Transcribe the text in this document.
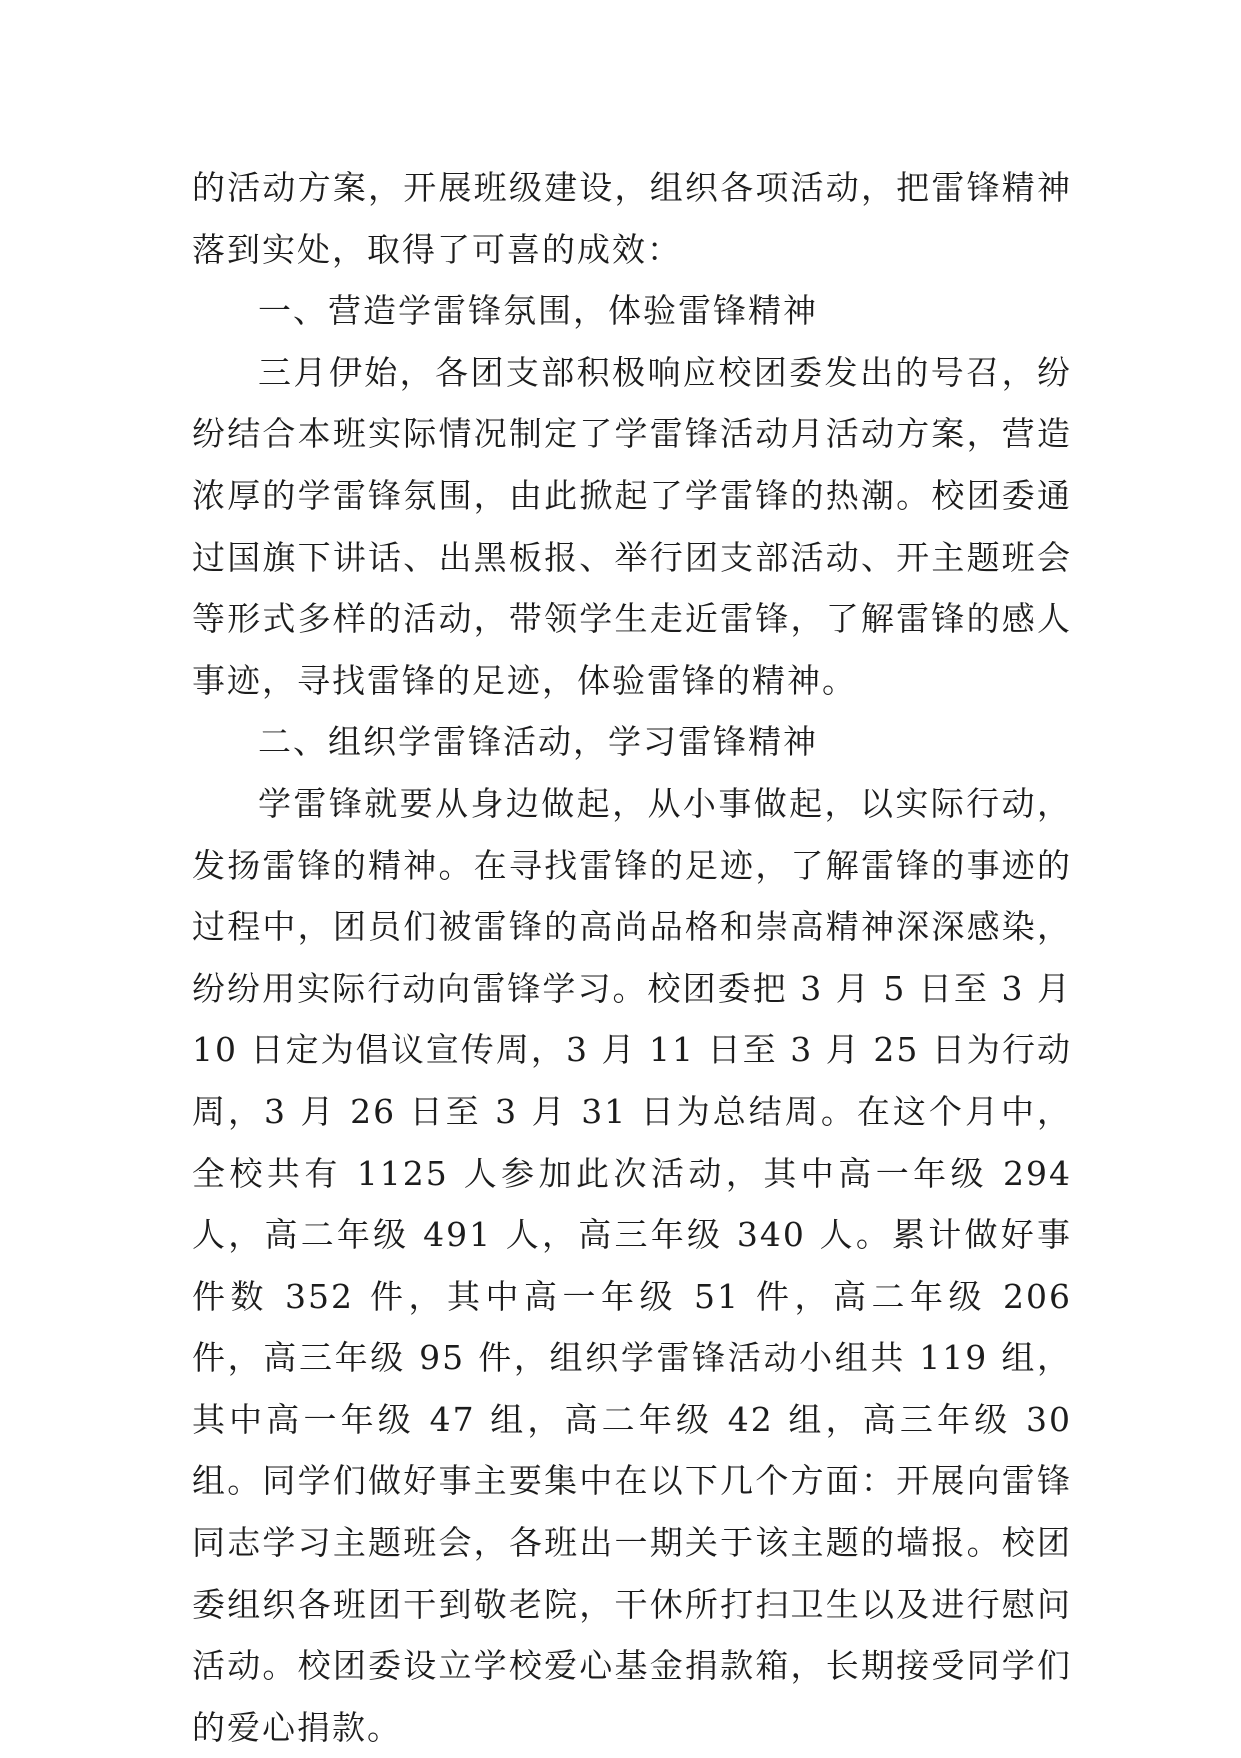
的活动方案，开展班级建设，组织各项活动，把雷锋精神落到实处，取得了可喜的成效：

一、营造学雷锋氛围，体验雷锋精神

三月伊始，各团支部积极响应校团委发出的号召，纷纷结合本班实际情况制定了学雷锋活动月活动方案，营造浓厚的学雷锋氛围，由此掀起了学雷锋的热潮。校团委通过国旗下讲话、出黑板报、举行团支部活动、开主题班会等形式多样的活动，带领学生走近雷锋，了解雷锋的感人事迹，寻找雷锋的足迹，体验雷锋的精神。

二、组织学雷锋活动，学习雷锋精神

学雷锋就要从身边做起，从小事做起，以实际行动，发扬雷锋的精神。在寻找雷锋的足迹，了解雷锋的事迹的过程中，团员们被雷锋的高尚品格和崇高精神深深感染，纷纷用实际行动向雷锋学习。校团委把 3 月 5 日至 3 月 10 日定为倡议宣传周，3 月 11 日至 3 月 25 日为行动周，3 月 26 日至 3 月 31 日为总结周。在这个月中，全校共有 1125 人参加此次活动，其中高一年级 294 人，高二年级 491 人，高三年级 340 人。累计做好事件数 352 件，其中高一年级 51 件，高二年级 206 件，高三年级 95 件，组织学雷锋活动小组共 119 组，其中高一年级 47 组，高二年级 42 组，高三年级 30 组。同学们做好事主要集中在以下几个方面：开展向雷锋同志学习主题班会，各班出一期关于该主题的墙报。校团委组织各班团干到敬老院，干休所打扫卫生以及进行慰问活动。校团委设立学校爱心基金捐款箱，长期接受同学们的爱心捐款。
